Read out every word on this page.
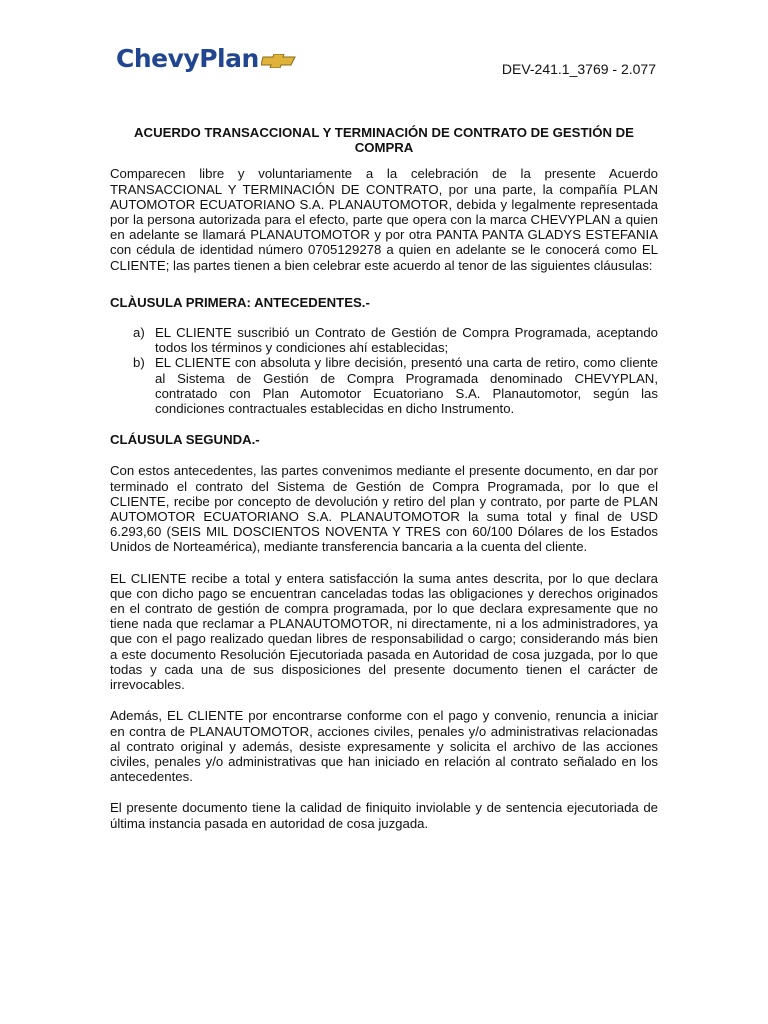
ChevyPlan	DEV-241.1_3769 - 2.077
ACUERDO TRANSACCIONAL Y TERMINACIÓN DE CONTRATO DE GESTIÓN DE COMPRA

Comparecen libre y voluntariamente a la celebración de la presente Acuerdo TRANSACCIONAL Y TERMINACIÓN DE CONTRATO, por una parte, la compañía PLAN AUTOMOTOR ECUATORIANO S.A. PLANAUTOMOTOR, debida y legalmente representada por la persona autorizada para el efecto, parte que opera con la marca CHEVYPLAN a quien en adelante se llamará PLANAUTOMOTOR y por otra PANTA PANTA GLADYS ESTEFANIA con cédula de identidad número 0705129278 a quien en adelante se le conocerá como EL CLIENTE; las partes tienen a bien celebrar este acuerdo al tenor de las siguientes cláusulas:

CLÀUSULA PRIMERA: ANTECEDENTES.-
a) EL CLIENTE suscribió un Contrato de Gestión de Compra Programada, aceptando todos los términos y condiciones ahí establecidas;
b) EL CLIENTE con absoluta y libre decisión, presentó una carta de retiro, como cliente al Sistema de Gestión de Compra Programada denominado CHEVYPLAN, contratado con Plan Automotor Ecuatoriano S.A. Planautomotor, según las condiciones contractuales establecidas en dicho Instrumento.
CLÁUSULA SEGUNDA.-

Con estos antecedentes, las partes convenimos mediante el presente documento, en dar por terminado el contrato del Sistema de Gestión de Compra Programada, por lo que el CLIENTE, recibe por concepto de devolución y retiro del plan y contrato, por parte de PLAN AUTOMOTOR ECUATORIANO S.A. PLANAUTOMOTOR la suma total y final de USD 6.293,60 (SEIS MIL DOSCIENTOS NOVENTA Y TRES con 60/100 Dólares de los Estados Unidos de Norteamérica), mediante transferencia bancaria a la cuenta del cliente.

EL CLIENTE recibe a total y entera satisfacción la suma antes descrita, por lo que declara que con dicho pago se encuentran canceladas todas las obligaciones y derechos originados en el contrato de gestión de compra programada, por lo que declara expresamente que no tiene nada que reclamar a PLANAUTOMOTOR, ni directamente, ni a los administradores, ya que con el pago realizado quedan libres de responsabilidad o cargo; considerando más bien a este documento Resolución Ejecutoriada pasada en Autoridad de cosa juzgada, por lo que todas y cada una de sus disposiciones del presente documento tienen el carácter de irrevocables.

Además, EL CLIENTE por encontrarse conforme con el pago y convenio, renuncia a iniciar en contra de PLANAUTOMOTOR, acciones civiles, penales y/o administrativas relacionadas al contrato original y además, desiste expresamente y solicita el archivo de las acciones civiles, penales y/o administrativas que han iniciado en relación al contrato señalado en los antecedentes.

El presente documento tiene la calidad de finiquito inviolable y de sentencia ejecutoriada de última instancia pasada en autoridad de cosa juzgada.
